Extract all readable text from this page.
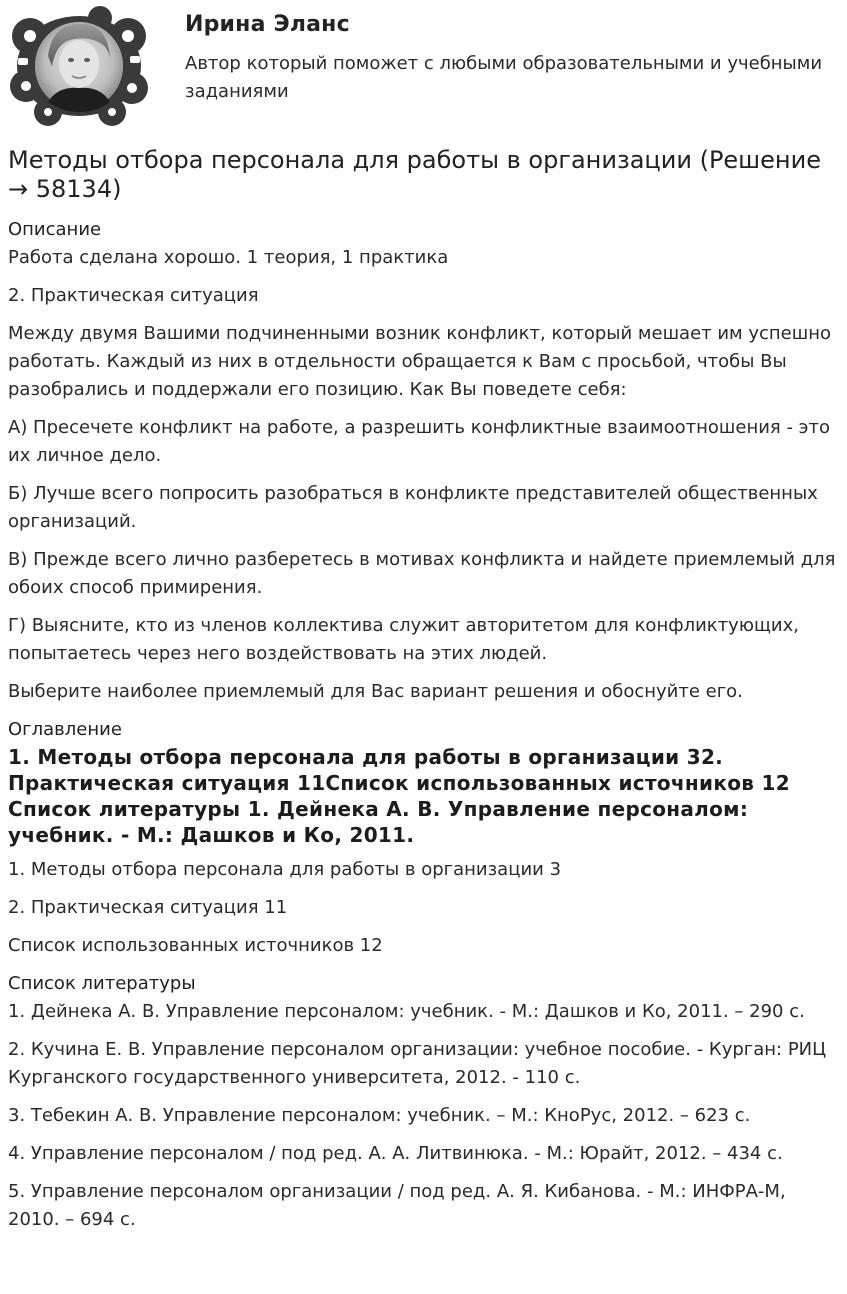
Ирина Эланс

Автор который поможет с любыми образовательными и учебными заданиями

Методы отбора персонала для работы в организации (Решение → 58134)

Описание

Работа сделана хорошо. 1 теория, 1 практика

2. Практическая ситуация

Между двумя Вашими подчиненными возник конфликт, который мешает им успешно работать. Каждый из них в отдельности обращается к Вам с просьбой, чтобы Вы разобрались и поддержали его позицию. Как Вы поведете себя:

А) Пресечете конфликт на работе, а разрешить конфликтные взаимоотношения - это их личное дело.

Б) Лучше всего попросить разобраться в конфликте представителей общественных организаций.

В) Прежде всего лично разберетесь в мотивах конфликта и найдете приемлемый для обоих способ примирения.

Г) Выясните, кто из членов коллектива служит авторитетом для конфликтующих, попытаетесь через него воздействовать на этих людей.

Выберите наиболее приемлемый для Вас вариант решения и обоснуйте его.

Оглавление

1. Методы отбора персонала для работы в организации 32. Практическая ситуация 11Список использованных источников 12 Список литературы 1. Дейнека А. В. Управление персоналом: учебник. - М.: Дашков и Ко, 2011.

1. Методы отбора персонала для работы в организации 3

2. Практическая ситуация 11

Список использованных источников 12

Список литературы

1. Дейнека А. В. Управление персоналом: учебник. - М.: Дашков и Ко, 2011. – 290 с.

2. Кучина Е. В. Управление персоналом организации: учебное пособие. - Курган: РИЦ Курганского государственного университета, 2012. - 110 с.

3. Тебекин А. В. Управление персоналом: учебник. – М.: КноРус, 2012. – 623 с.

4. Управление персоналом / под ред. А. А. Литвинюка. - М.: Юрайт, 2012. – 434 с.

5. Управление персоналом организации / под ред. А. Я. Кибанова. - М.: ИНФРА-М, 2010. – 694 с.
